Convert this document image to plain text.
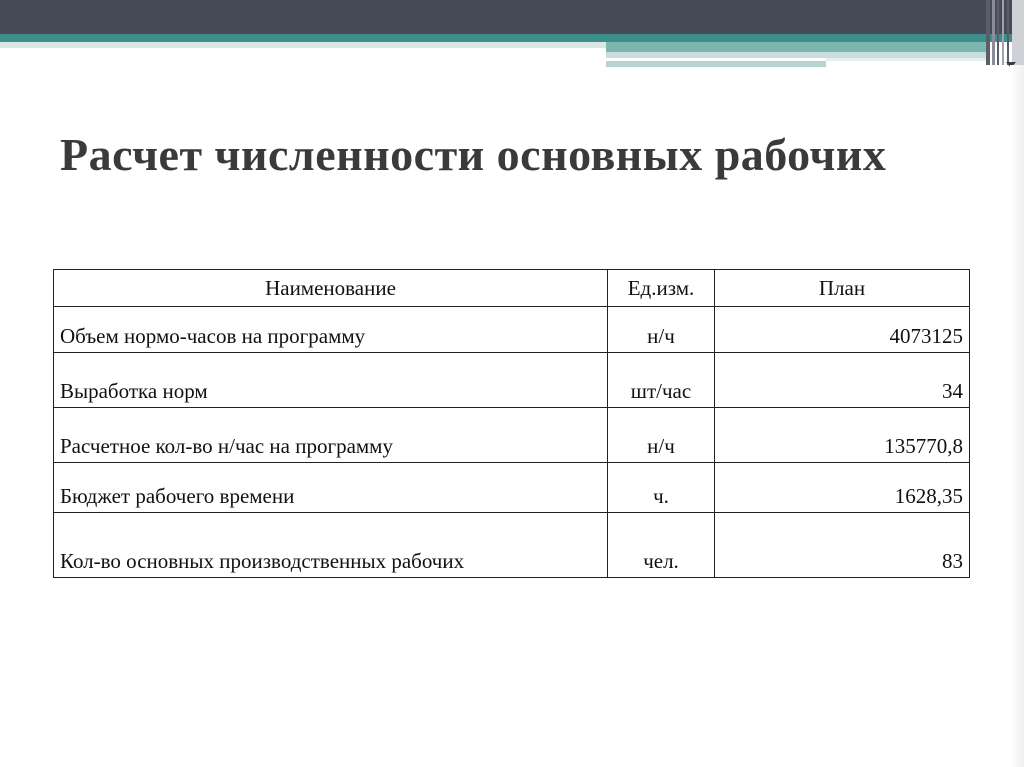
Расчет численности основных рабочих
Наименование	Ед.изм.	План
Объем нормо-часов на программу	н/ч	4073125
Выработка норм	шт/час	34
Расчетное кол-во н/час на программу	н/ч	135770,8
Бюджет рабочего времени	ч.	1628,35
Кол-во основных производственных рабочих	чел.	83
